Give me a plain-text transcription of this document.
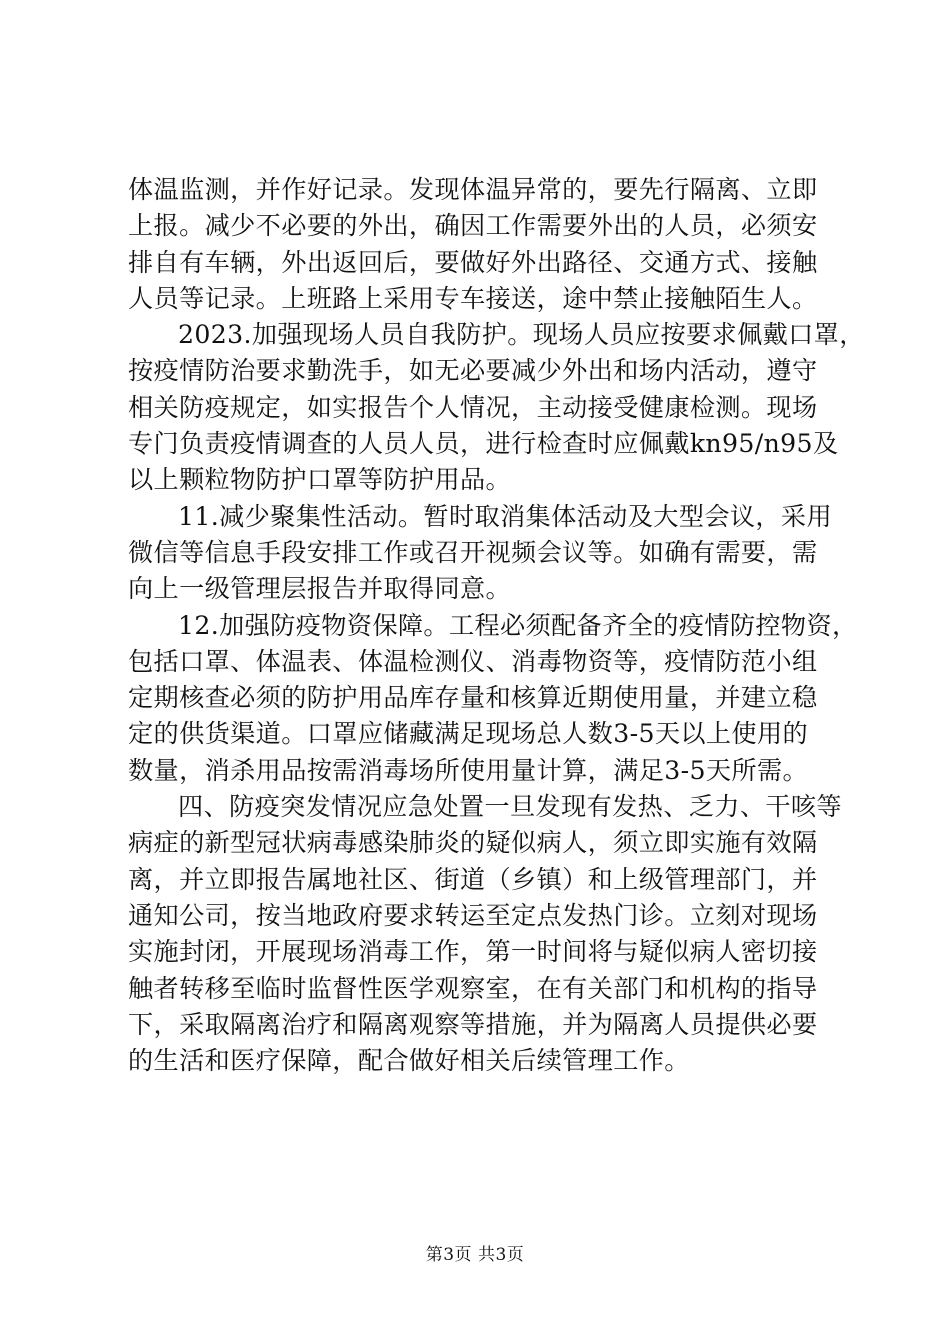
体温监测，并作好记录。发现体温异常的，要先行隔离、立即
上报。减少不必要的外出，确因工作需要外出的人员，必须安
排自有车辆，外出返回后，要做好外出路径、交通方式、接触
人员等记录。上班路上采用专车接送，途中禁止接触陌生人。
2023.加强现场人员自我防护。现场人员应按要求佩戴口罩，
按疫情防治要求勤洗手，如无必要减少外出和场内活动，遵守
相关防疫规定，如实报告个人情况，主动接受健康检测。现场
专门负责疫情调查的人员人员，进行检查时应佩戴kn95/n95及
以上颗粒物防护口罩等防护用品。
11.减少聚集性活动。暂时取消集体活动及大型会议，采用
微信等信息手段安排工作或召开视频会议等。如确有需要，需
向上一级管理层报告并取得同意。
12.加强防疫物资保障。工程必须配备齐全的疫情防控物资，
包括口罩、体温表、体温检测仪、消毒物资等，疫情防范小组
定期核查必须的防护用品库存量和核算近期使用量，并建立稳
定的供货渠道。口罩应储藏满足现场总人数3-5天以上使用的
数量，消杀用品按需消毒场所使用量计算，满足3-5天所需。
四、防疫突发情况应急处置一旦发现有发热、乏力、干咳等
病症的新型冠状病毒感染肺炎的疑似病人，须立即实施有效隔
离，并立即报告属地社区、街道（乡镇）和上级管理部门，并
通知公司，按当地政府要求转运至定点发热门诊。立刻对现场
实施封闭，开展现场消毒工作，第一时间将与疑似病人密切接
触者转移至临时监督性医学观察室，在有关部门和机构的指导
下，采取隔离治疗和隔离观察等措施，并为隔离人员提供必要
的生活和医疗保障，配合做好相关后续管理工作。
第3页 共3页
